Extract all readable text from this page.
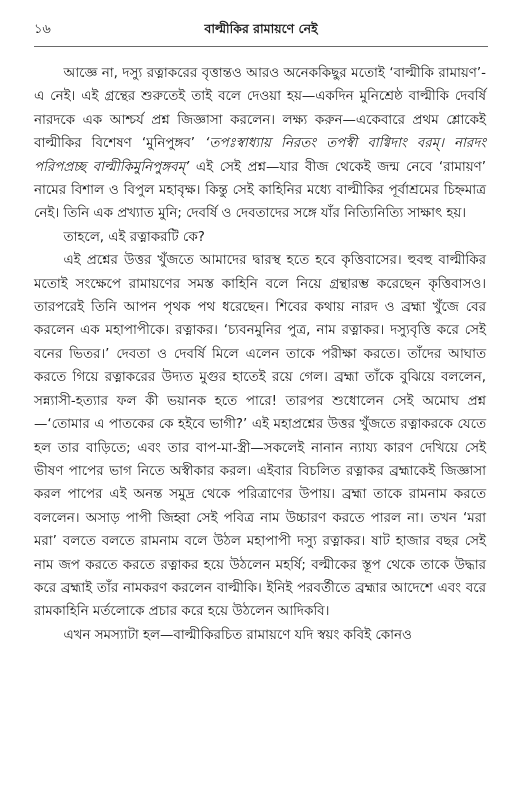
১৬	বাল্মীকির রামায়ণে নেই

আজ্ঞে না, দস্যু রত্নাকরের বৃত্তান্তও আরও অনেককিছুর মতোই ‘বাল্মীকি রামায়ণ’-এ নেই। এই গ্রন্থের শুরুতেই তাই বলে দেওয়া হয়—একদিন মুনিশ্রেষ্ঠ বাল্মীকি দেবর্ষি নারদকে এক আশ্চর্য প্রশ্ন জিজ্ঞাসা করলেন। লক্ষ্য করুন—একেবারে প্রথম শ্লোকেই বাল্মীকির বিশেষণ ‘মুনিপুঙ্গব’ ‘তপঃস্বাধ্যায় নিরতং তপস্বী বাগ্বিদাং বরম্‌। নারদং পরিপপ্রচ্ছ বাল্মীকিমুনিপুঙ্গবম্‌’ এই সেই প্রশ্ন—যার বীজ থেকেই জন্ম নেবে ‘রামায়ণ’ নামের বিশাল ও বিপুল মহাবৃক্ষ। কিন্তু সেই কাহিনির মধ্যে বাল্মীকির পূর্বাশ্রমের চিহ্নমাত্র নেই। তিনি এক প্রখ্যাত মুনি; দেবর্ষি ও দেবতাদের সঙ্গে যাঁর নিত্যিনিত্যি সাক্ষাৎ হয়।

তাহলে, এই রত্নাকরটি কে?

এই প্রশ্নের উত্তর খুঁজতে আমাদের দ্বারস্থ হতে হবে কৃত্তিবাসের। হুবহু বাল্মীকির মতোই সংক্ষেপে রামায়ণের সমস্ত কাহিনি বলে নিয়ে গ্রন্থারম্ভ করেছেন কৃত্তিবাসও। তারপরেই তিনি আপন পৃথক পথ ধরেছেন। শিবের কথায় নারদ ও ব্রহ্মা খুঁজে বের করলেন এক মহাপাপীকে। রত্নাকর। ‘চ্যবনমুনির পুত্র, নাম রত্নাকর। দস্যুবৃত্তি করে সেই বনের ভিতর।’ দেবতা ও দেবর্ষি মিলে এলেন তাকে পরীক্ষা করতে। তাঁদের আঘাত করতে গিয়ে রত্নাকরের উদ্যত মুগুর হাতেই রয়ে গেল। ব্রহ্মা তাঁকে বুঝিয়ে বললেন, সন্ন্যাসী-হত্যার ফল কী ভয়ানক হতে পারে! তারপর শুধোলেন সেই অমোঘ প্রশ্ন—‘তোমার এ পাতকের কে হইবে ভাগী?’ এই মহাপ্রশ্নের উত্তর খুঁজতে রত্নাকরকে যেতে হল তার বাড়িতে; এবং তার বাপ-মা-স্ত্রী—সকলেই নানান ন্যায্য কারণ দেখিয়ে সেই ভীষণ পাপের ভাগ নিতে অস্বীকার করল। এইবার বিচলিত রত্নাকর ব্রহ্মাকেই জিজ্ঞাসা করল পাপের এই অনন্ত সমুদ্র থেকে পরিত্রাণের উপায়। ব্রহ্মা তাকে রামনাম করতে বললেন। অসাড় পাপী জিহ্বা সেই পবিত্র নাম উচ্চারণ করতে পারল না। তখন ‘মরা মরা’ বলতে বলতে রামনাম বলে উঠল মহাপাপী দস্যু রত্নাকর। ষাট হাজার বছর সেই নাম জপ করতে করতে রত্নাকর হয়ে উঠলেন মহর্ষি; বল্মীকের স্তূপ থেকে তাকে উদ্ধার করে ব্রহ্মাই তাঁর নামকরণ করলেন বাল্মীকি। ইনিই পরবর্তীতে ব্রহ্মার আদেশে এবং বরে রামকাহিনি মর্তলোকে প্রচার করে হয়ে উঠলেন আদিকবি।

এখন সমস্যাটা হল—বাল্মীকিরচিত রামায়ণে যদি স্বয়ং কবিই কোনও
